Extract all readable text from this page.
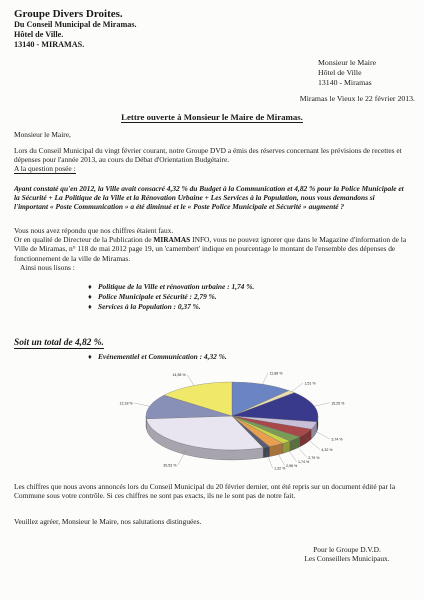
Groupe Divers Droites.
Du Conseil Municipal de Miramas.
Hôtel de Ville.
13140 - MIRAMAS.
Monsieur le Maire
Hôtel de Ville
13140 - Miramas
Miramas le Vieux le 22 février 2013.
Lettre ouverte à Monsieur le Maire de Miramas.
Monsieur le Maire,
Lors du Conseil Municipal du vingt février courant, notre Groupe DVD a émis des réserves concernant les prévisions de recettes et dépenses pour l'année 2013, au cours du Débat d'Orientation Budgétaire.
A la question posée :
Ayant constaté qu'en 2012, la Ville avait consacré 4,32 % du Budget à la Communication et 4,82 % pour la Police Municipale et la Sécurité + La Politique de la Ville et la Rénovation Urbaine + Les Services à la Population, nous vous demandons si l'important « Poste Communication » a été diminué et le « Poste Police Municipale et Sécurité » augmenté ?
Vous nous avez répondu que nos chiffres étaient faux.
Or en qualité de Directeur de la Publication de MIRAMAS INFO, vous ne pouvez ignorer que dans le Magazine d'information de la Ville de Miramas, n° 118 de mai 2012 page 19, un 'camembert' indique en pourcentage le montant de l'ensemble des dépenses de fonctionnement de la ville de Miramas.
Ainsi nous lisons :
♦ Politique de la Ville et rénovation urbaine : 1,74 %.
♦ Police Municipale et Sécurité : 2,79 %.
♦ Services à la Population : 0,37 %.
Soit un total de 4,82 %.
♦ Evénementiel et Communication : 4,32 %.
11,88 %
1,51 %
15,25 %
3,74 %
4,32 %
2,79 %
1,74 %
2,98 %
1,32 %
30,53 %
12,18 %
14,98 %
Les chiffres que nous avons annoncés lors du Conseil Municipal du 20 février dernier, ont été repris sur un document édité par la Commune sous votre contrôle. Si ces chiffres ne sont pas exacts, ils ne le sont pas de notre fait.
Veuillez agréer, Monsieur le Maire, nos salutations distinguées.
Pour le Groupe D.V.D.
Les Conseillers Municipaux.
